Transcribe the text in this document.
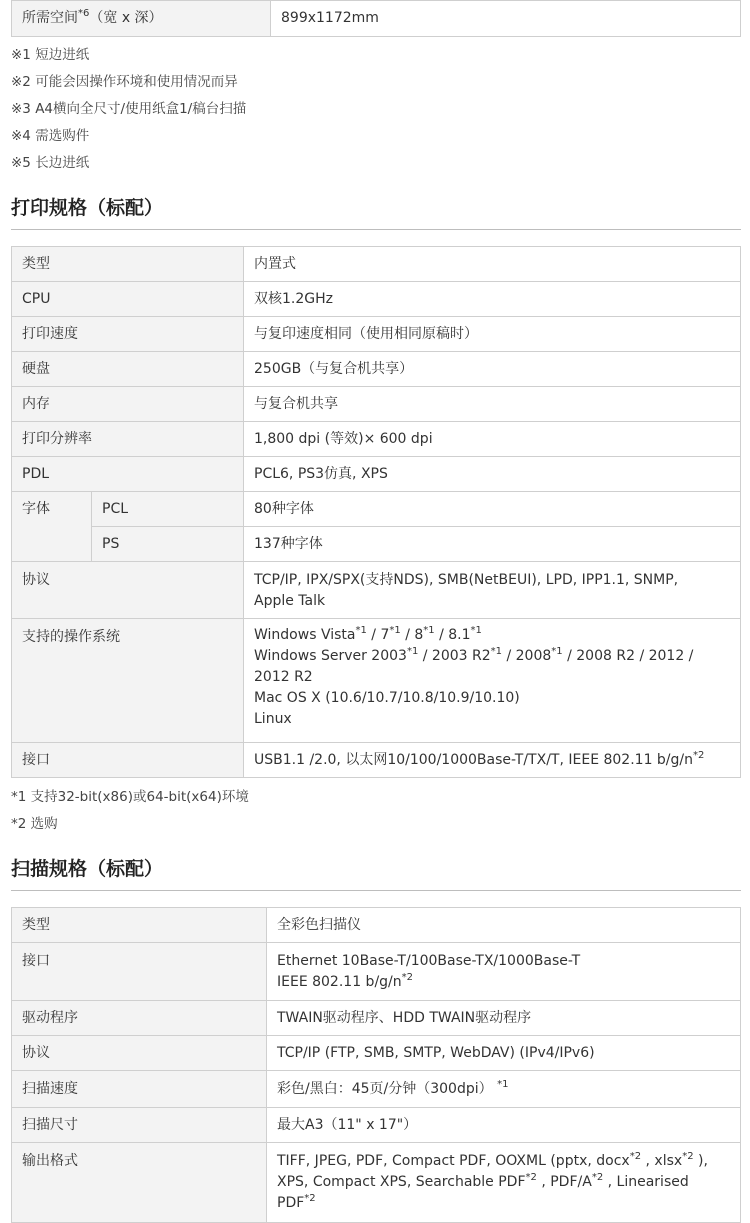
所需空间$^{*6}$（宽 x 深）	899x1172mm
※1 短边进纸
※2 可能会因操作环境和使用情况而异
※3 A4横向全尺寸/使用纸盒1/稿台扫描
※4 需选购件
※5 长边进纸
打印规格（标配）
类型		内置式
CPU		双核1.2GHz
打印速度		与复印速度相同（使用相同原稿时）
硬盘		250GB（与复合机共享）
内存		与复合机共享
打印分辨率		1,800 dpi (等效)× 600 dpi
PDL		PCL6, PS3仿真, XPS
字体	PCL	80种字体
	PS	137种字体
协议		TCP/IP, IPX/SPX(支持NDS), SMB(NetBEUI), LPD, IPP1.1, SNMP,
Apple Talk

支持的操作系统		Windows Vista$^{*1}$ / 7$^{*1}$ / 8$^{*1}$ / 8.1$^{*1}$
Windows Server 2003$^{*1}$ / 2003 R2$^{*1}$ / 2008$^{*1}$ / 2008 R2 / 2012 /
2012 R2
Mac OS X (10.6/10.7/10.8/10.9/10.10)
Linux

接口		USB1.1 /2.0, 以太网10/100/1000Base-T/TX/T, IEEE 802.11 $b/g/n^{*2}$
*1 支持32-bit(x86)或64-bit(x64)环境
*2 选购
扫描规格（标配）
类型	全彩色扫描仪
接口	Ethernet 10Base-T/100Base-TX/1000Base-T
IEEE 802.11 $b/g/n^{*2}$

驱动程序	TWAIN驱动程序、HDD TWAIN驱动程序
协议	TCP/IP (FTP, SMB, SMTP, WebDAV) (IPv4/IPv6)
扫描速度	彩色/黑白：45页/分钟（300dpi） $^{*1}$
扫描尺寸	最大A3（11" x 17"）
输出格式	TIFF, JPEG, PDF, Compact PDF, OOXML (pptx, docx$^{*2}$ , xlsx$^{*2}$ ),
XPS, Compact XPS, Searchable PDF$^{*2}$ , PDF/$A^{*2}$ , Linearised
PDF$^{*2}$
